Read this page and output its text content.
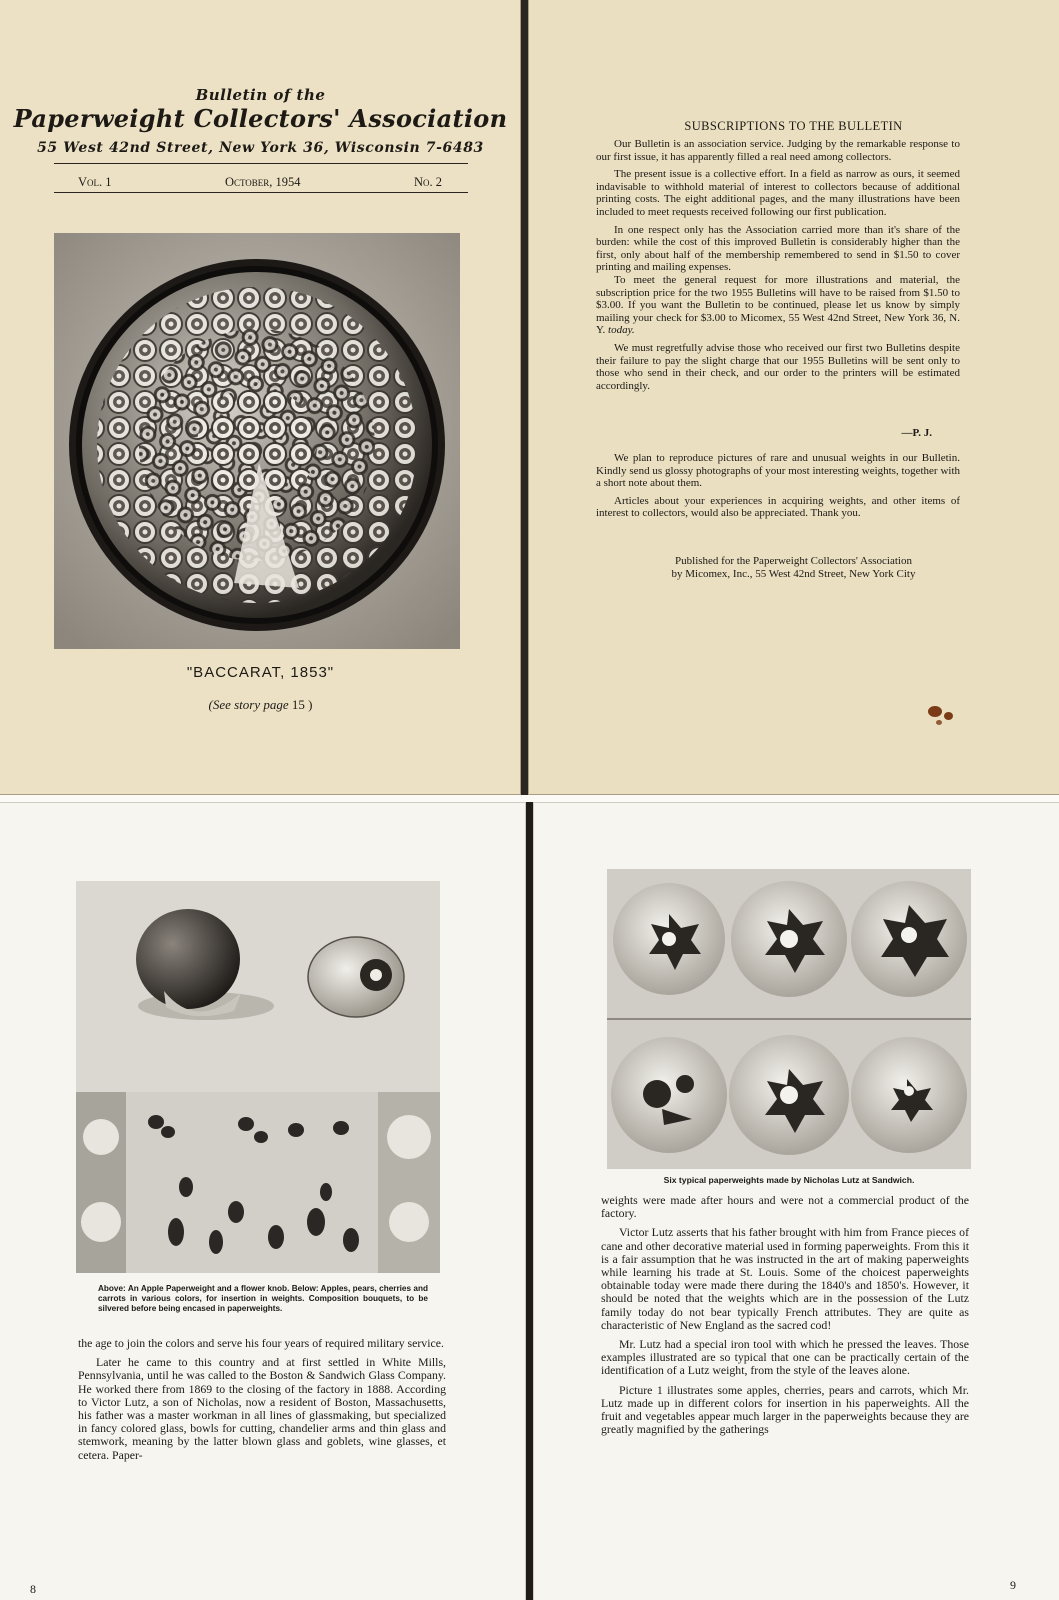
Bulletin of the
Paperweight Collectors' Association
55 West 42nd Street, New York 36, Wisconsin 7-6483
Vol. 1	October, 1954	No. 2
"BACCARAT, 1853"
(See story page 15 )
SUBSCRIPTIONS TO THE BULLETIN

Our Bulletin is an association service. Judging by the remarkable response to our first issue, it has apparently filled a real need among collectors.

The present issue is a collective effort. In a field as narrow as ours, it seemed indavisable to withhold material of interest to collectors because of additional printing costs. The eight additional pages, and the many illustrations have been included to meet requests received following our first publication.

In one respect only has the Association carried more than it's share of the burden: while the cost of this improved Bulletin is considerably higher than the first, only about half of the membership remembered to send in $1.50 to cover printing and mailing expenses.

To meet the general request for more illustrations and material, the subscription price for the two 1955 Bulletins will have to be raised from $1.50 to $3.00. If you want the Bulletin to be continued, please let us know by simply mailing your check for $3.00 to Micomex, 55 West 42nd Street, New York 36, N. Y. today.

We must regretfully advise those who received our first two Bulletins despite their failure to pay the slight charge that our 1955 Bulletins will be sent only to those who send in their check, and our order to the printers will be estimated accordingly.

—P. J.

We plan to reproduce pictures of rare and unusual weights in our Bulletin. Kindly send us glossy photographs of your most interesting weights, together with a short note about them.

Articles about your experiences in acquiring weights, and other items of interest to collectors, would also be appreciated. Thank you.

Published for the Paperweight Collectors' Association
by Micomex, Inc., 55 West 42nd Street, New York City
Above: An Apple Paperweight and a flower knob. Below: Apples, pears, cherries and carrots in various colors, for insertion in weights. Composition bouquets, to be silvered before being encased in paperweights.

the age to join the colors and serve his four years of required military service.

Later he came to this country and at first settled in White Mills, Pennsylvania, until he was called to the Boston & Sandwich Glass Company. He worked there from 1869 to the closing of the factory in 1888. According to Victor Lutz, a son of Nicholas, now a resident of Boston, Massachusetts, his father was a master workman in all lines of glassmaking, but specialized in fancy colored glass, bowls for cutting, chandelier arms and thin glass and stemwork, meaning by the latter blown glass and goblets, wine glasses, et cetera. Paper-

8
Six typical paperweights made by Nicholas Lutz at Sandwich.

weights were made after hours and were not a commercial product of the factory.

Victor Lutz asserts that his father brought with him from France pieces of cane and other decorative material used in forming paperweights. From this it is a fair assumption that he was instructed in the art of making paperweights while learning his trade at St. Louis. Some of the choicest paperweights obtainable today were made there during the 1840's and 1850's. However, it should be noted that the weights which are in the possession of the Lutz family today do not bear typically French attributes. They are quite as characteristic of New England as the sacred cod!

Mr. Lutz had a special iron tool with which he pressed the leaves. Those examples illustrated are so typical that one can be practically certain of the identification of a Lutz weight, from the style of the leaves alone.

Picture 1 illustrates some apples, cherries, pears and carrots, which Mr. Lutz made up in different colors for insertion in his paperweights. All the fruit and vegetables appear much larger in the paperweights because they are greatly magnified by the gatherings

9
